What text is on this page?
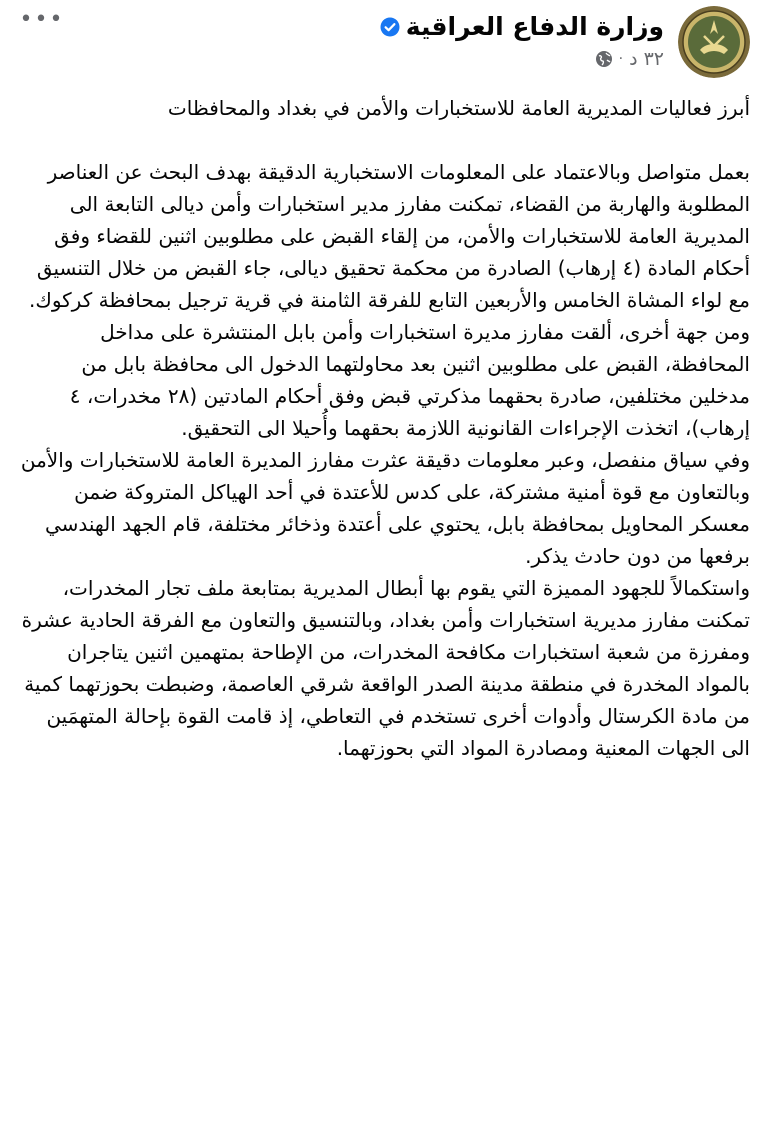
•••	وزارة الدفاع العراقية
٣٢ د
·

أبرز فعاليات المديرية العامة للاستخبارات والأمن في بغداد والمحافظات

بعمل متواصل وبالاعتماد على المعلومات الاستخبارية الدقيقة بهدف البحث عن العناصر المطلوبة والهاربة من القضاء، تمكنت مفارز مدير استخبارات وأمن ديالى التابعة الى المديرية العامة للاستخبارات والأمن، من إلقاء القبض على مطلوبين اثنين للقضاء وفق أحكام المادة (٤ إرهاب) الصادرة من محكمة تحقيق ديالى، جاء القبض من خلال التنسيق مع لواء المشاة الخامس والأربعين التابع للفرقة الثامنة في قرية ترجيل بمحافظة كركوك.

ومن جهة أخرى، ألقت مفارز مديرة استخبارات وأمن بابل المنتشرة على مداخل المحافظة، القبض على مطلوبين اثنين بعد محاولتهما الدخول الى محافظة بابل من مدخلين مختلفين، صادرة بحقهما مذكرتي قبض وفق أحكام المادتين (٢٨ مخدرات، ٤ إرهاب)، اتخذت الإجراءات القانونية اللازمة بحقهما وأُحيلا الى التحقيق.

وفي سياق منفصل، وعبر معلومات دقيقة عثرت مفارز المديرة العامة للاستخبارات والأمن وبالتعاون مع قوة أمنية مشتركة، على كدس للأعتدة في أحد الهياكل المتروكة ضمن معسكر المحاويل بمحافظة بابل، يحتوي على أعتدة وذخائر مختلفة، قام الجهد الهندسي برفعها من دون حادث يذكر.

واستكمالاً للجهود المميزة التي يقوم بها أبطال المديرية بمتابعة ملف تجار المخدرات، تمكنت مفارز مديرية استخبارات وأمن بغداد، وبالتنسيق والتعاون مع الفرقة الحادية عشرة ومفرزة من شعبة استخبارات مكافحة المخدرات، من الإطاحة بمتهمين اثنين يتاجران بالمواد المخدرة في منطقة مدينة الصدر الواقعة شرقي العاصمة، وضبطت بحوزتهما كمية من مادة الكرستال وأدوات أخرى تستخدم في التعاطي، إذ قامت القوة بإحالة المتهمَين الى الجهات المعنية ومصادرة المواد التي بحوزتهما.
